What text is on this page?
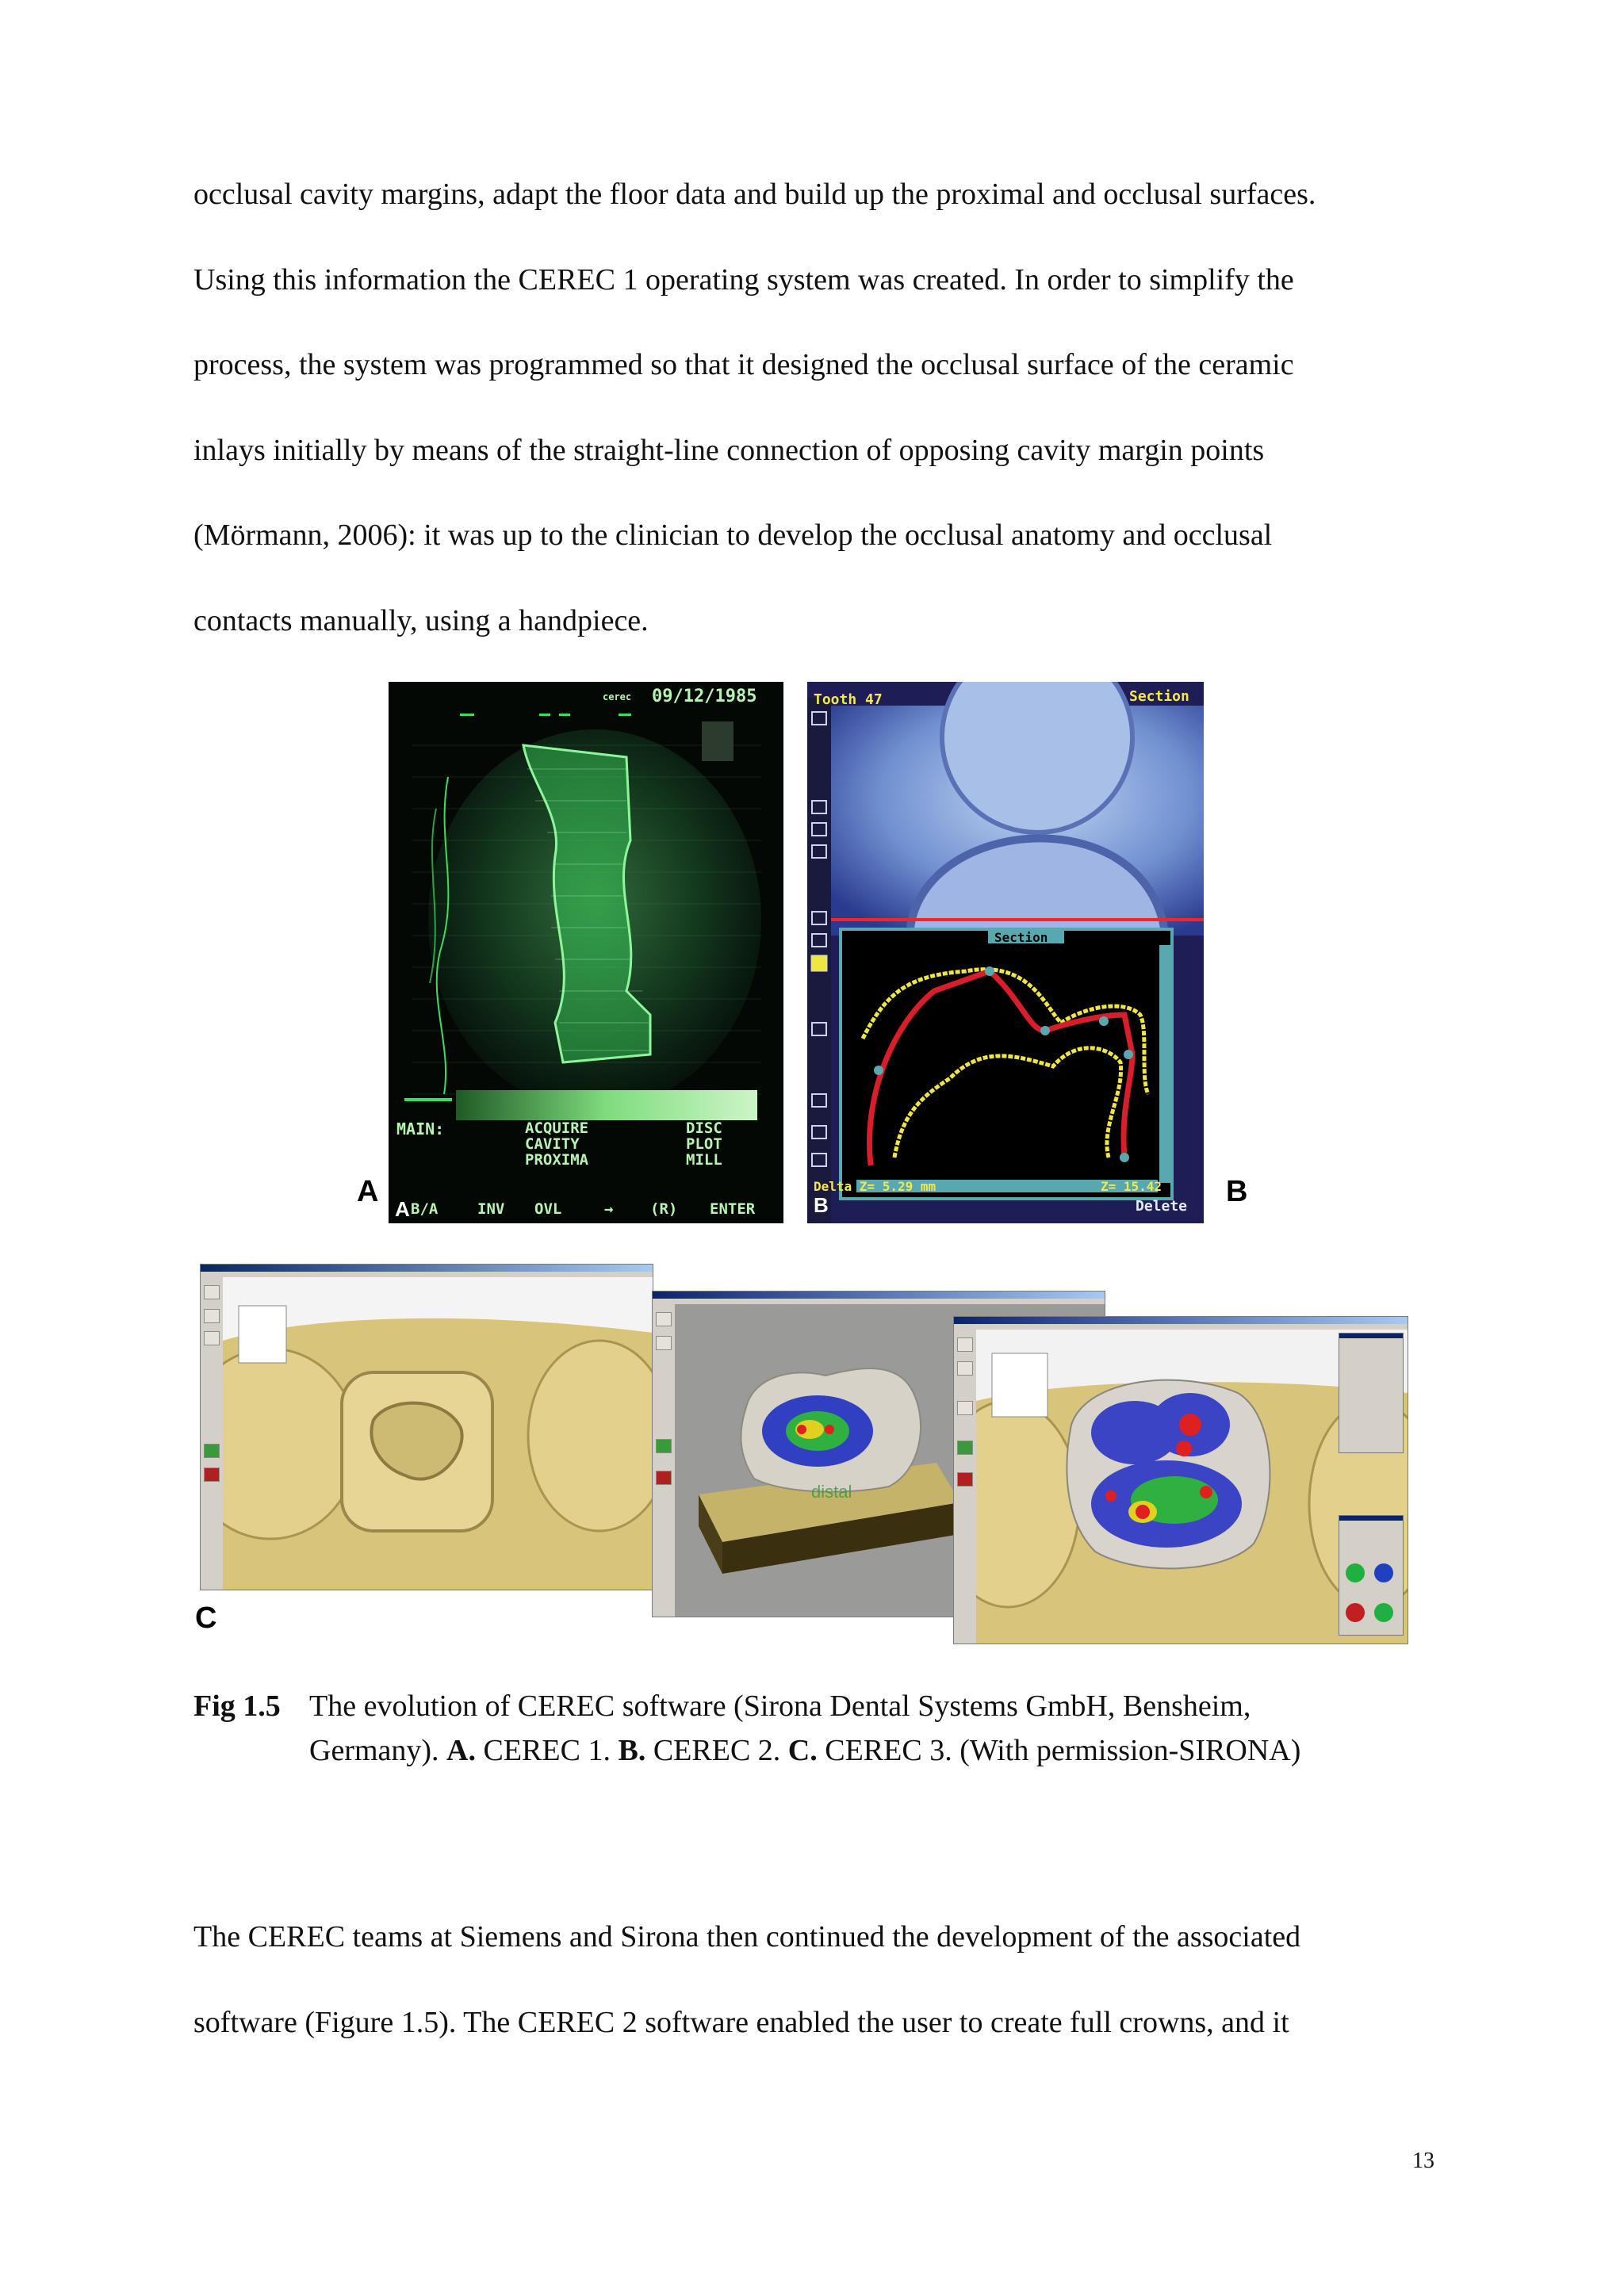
occlusal cavity margins, adapt the floor data and build up the proximal and occlusal surfaces.
Using this information the CEREC 1 operating system was created. In order to simplify the
process, the system was programmed so that it designed the occlusal surface of the ceramic
inlays initially by means of the straight-line connection of opposing cavity margin points
(Mörmann, 2006): it was up to the clinician to develop the occlusal anatomy and occlusal
contacts manually, using a handpiece.
A
cerec 09/12/1985
MAIN:	ACQUIRE
CAVITY
PROXIMA
DISC
PLOT
MILL
A B/A	INV OVL	→ (R) ENTER
Tooth 47	Section
Section
B
Delta Z= 5.29 mm	Z= 15.42
Delete B
distal
C
Fig 1.5 The evolution of CEREC software (Sirona Dental Systems GmbH, Bensheim,
Germany). A. CEREC 1. B. CEREC 2. C. CEREC 3. (With permission-SIRONA)
The CEREC teams at Siemens and Sirona then continued the development of the associated
software (Figure 1.5). The CEREC 2 software enabled the user to create full crowns, and it
13
